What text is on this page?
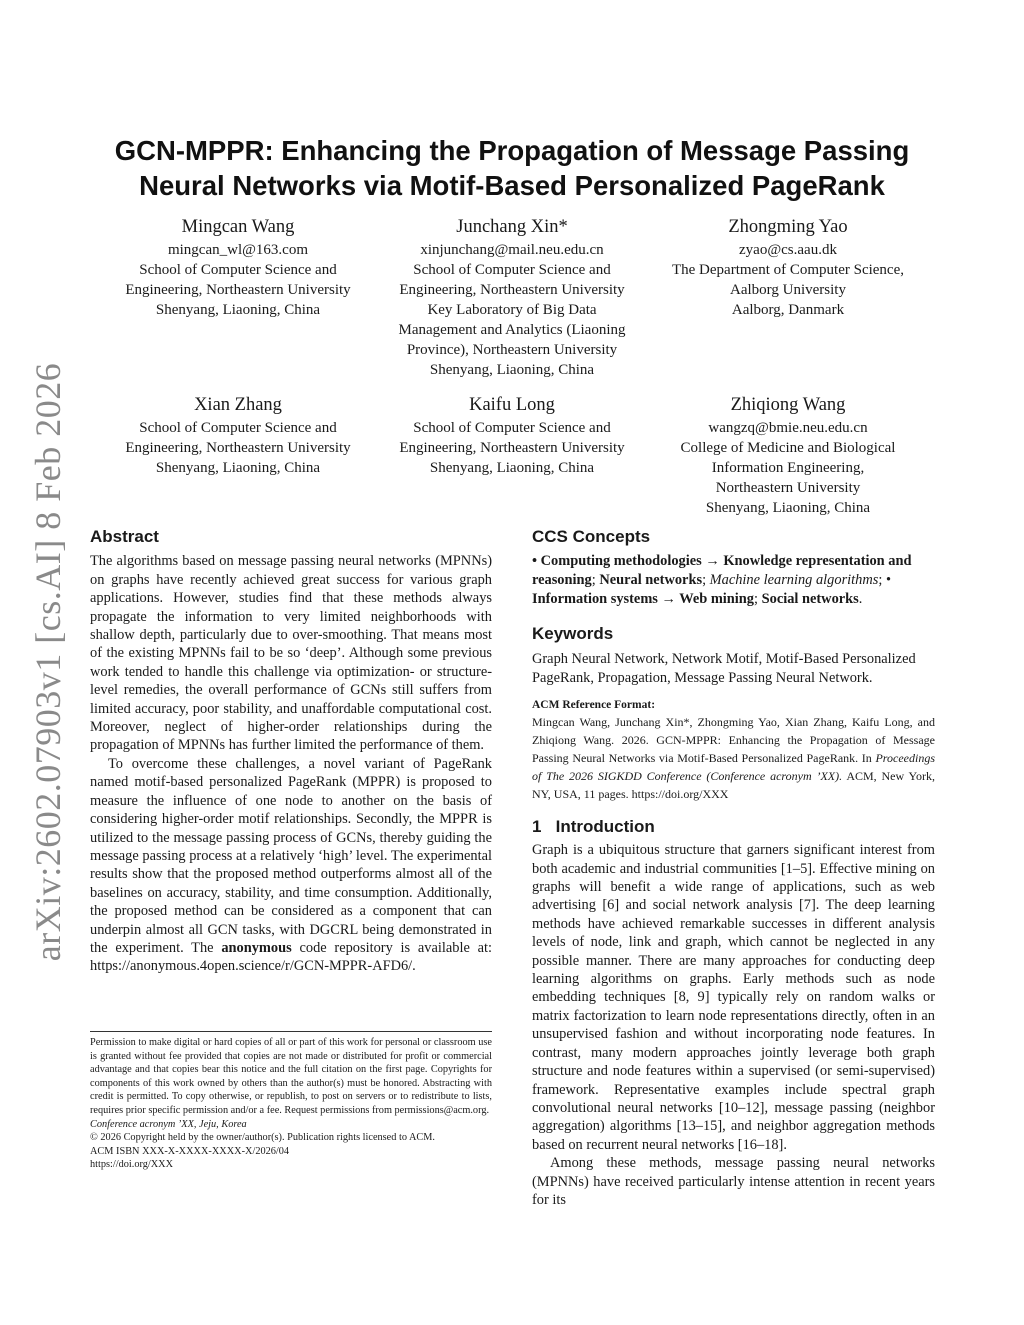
arXiv:2602.07903v1 [cs.AI] 8 Feb 2026
GCN-MPPR: Enhancing the Propagation of Message Passing
Neural Networks via Motif-Based Personalized PageRank
Mingcan Wang
mingcan_wl@163.com
School of Computer Science and
Engineering, Northeastern University
Shenyang, Liaoning, China
Junchang Xin*
xinjunchang@mail.neu.edu.cn
School of Computer Science and
Engineering, Northeastern University
Key Laboratory of Big Data
Management and Analytics (Liaoning
Province), Northeastern University
Shenyang, Liaoning, China
Zhongming Yao
zyao@cs.aau.dk
The Department of Computer Science,
Aalborg University
Aalborg, Danmark
Xian Zhang
School of Computer Science and
Engineering, Northeastern University
Shenyang, Liaoning, China
Kaifu Long
School of Computer Science and
Engineering, Northeastern University
Shenyang, Liaoning, China
Zhiqiong Wang
wangzq@bmie.neu.edu.cn
College of Medicine and Biological
Information Engineering,
Northeastern University
Shenyang, Liaoning, China
Abstract

The algorithms based on message passing neural networks (MPNNs) on graphs have recently achieved great success for various graph applications. However, studies find that these methods always propagate the information to very limited neighborhoods with shallow depth, particularly due to over-smoothing. That means most of the existing MPNNs fail to be so ‘deep’. Although some previous work tended to handle this challenge via optimization- or structure-level remedies, the overall performance of GCNs still suffers from limited accuracy, poor stability, and unaffordable computational cost. Moreover, neglect of higher-order relationships during the propagation of MPNNs has further limited the performance of them.

To overcome these challenges, a novel variant of PageRank named motif-based personalized PageRank (MPPR) is proposed to measure the influence of one node to another on the basis of considering higher-order motif relationships. Secondly, the MPPR is utilized to the message passing process of GCNs, thereby guiding the message passing process at a relatively ‘high’ level. The experimental results show that the proposed method outperforms almost all of the baselines on accuracy, stability, and time consumption. Additionally, the proposed method can be considered as a component that can underpin almost all GCN tasks, with DGCRL being demonstrated in the experiment. The anonymous code repository is available at: https://anonymous.4open.science/r/GCN-MPPR-AFD6/.

Permission to make digital or hard copies of all or part of this work for personal or classroom use is granted without fee provided that copies are not made or distributed for profit or commercial advantage and that copies bear this notice and the full citation on the first page. Copyrights for components of this work owned by others than the author(s) must be honored. Abstracting with credit is permitted. To copy otherwise, or republish, to post on servers or to redistribute to lists, requires prior specific permission and/or a fee. Request permissions from permissions@acm.org.
Conference acronym ’XX, Jeju, Korea
© 2026 Copyright held by the owner/author(s). Publication rights licensed to ACM.
ACM ISBN XXX-X-XXXX-XXXX-X/2026/04
https://doi.org/XXX
CCS Concepts
• Computing methodologies → Knowledge representation and reasoning; Neural networks; Machine learning algorithms; • Information systems → Web mining; Social networks.
Keywords
Graph Neural Network, Network Motif, Motif-Based Personalized PageRank, Propagation, Message Passing Neural Network.
ACM Reference Format:
Mingcan Wang, Junchang Xin*, Zhongming Yao, Xian Zhang, Kaifu Long, and Zhiqiong Wang. 2026. GCN-MPPR: Enhancing the Propagation of Message Passing Neural Networks via Motif-Based Personalized PageRank. In Proceedings of The 2026 SIGKDD Conference (Conference acronym ’XX). ACM, New York, NY, USA, 11 pages. https://doi.org/XXX
1   Introduction

Graph is a ubiquitous structure that garners significant interest from both academic and industrial communities [1–5]. Effective mining on graphs will benefit a wide range of applications, such as web advertising [6] and social network analysis [7]. The deep learning methods have achieved remarkable successes in different analysis levels of node, link and graph, which cannot be neglected in any possible manner. There are many approaches for conducting deep learning algorithms on graphs. Early methods such as node embedding techniques [8, 9] typically rely on random walks or matrix factorization to learn node representations directly, often in an unsupervised fashion and without incorporating node features. In contrast, many modern approaches jointly leverage both graph structure and node features within a supervised (or semi-supervised) framework. Representative examples include spectral graph convolutional neural networks [10–12], message passing (neighbor aggregation) algorithms [13–15], and neighbor aggregation methods based on recurrent neural networks [16–18].

Among these methods, message passing neural networks (MPNNs) have received particularly intense attention in recent years for its
